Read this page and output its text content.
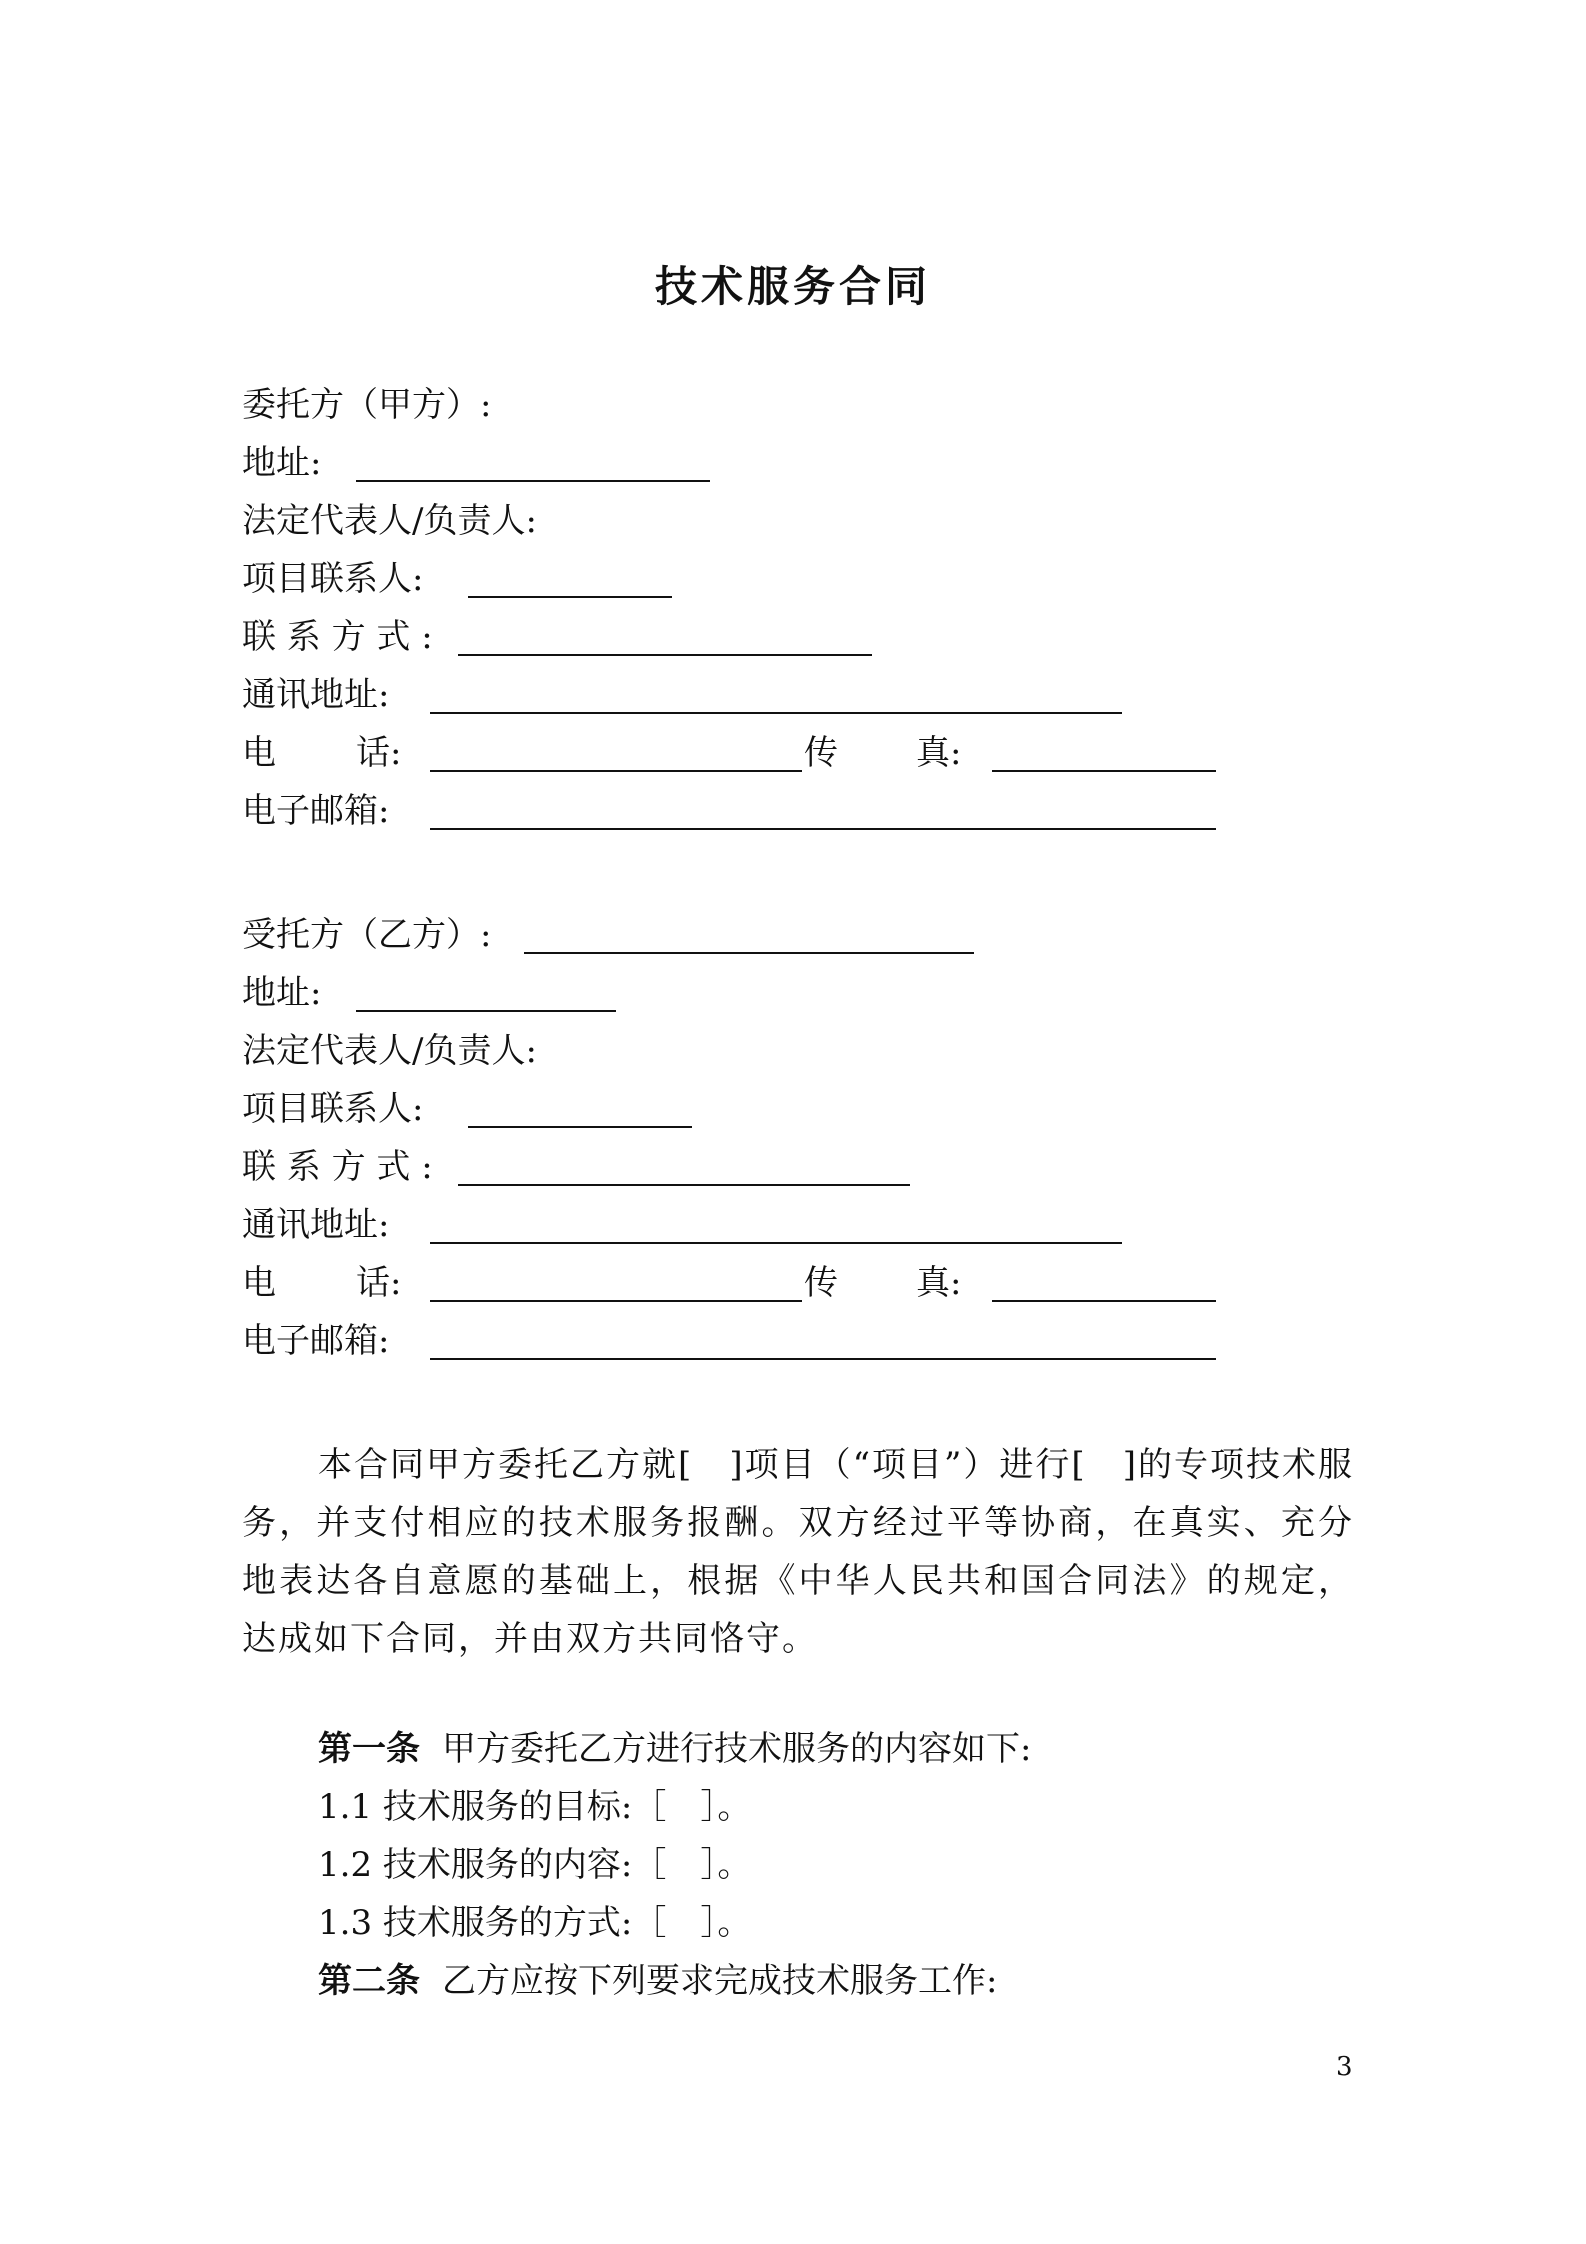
技术服务合同
委托方（甲方）:
地址:
法定代表人/负责人:
项目联系人:
联 系 方 式 :
通讯地址:
电 话:	传 真:
电子邮箱:
受托方（乙方）:
地址:
法定代表人/负责人:
项目联系人:
联 系 方 式 :
通讯地址:
电 话:	传 真:
电子邮箱:
本合同甲方委托乙方就[　]项目（“项目”）进行[　]的专项技术服务，并支付相应的技术服务报酬。双方经过平等协商，在真实、充分地表达各自意愿的基础上，根据《中华人民共和国合同法》的规定，达成如下合同，并由双方共同恪守。
第一条 甲方委托乙方进行技术服务的内容如下:
1.1 技术服务的目标:［　］。
1.2 技术服务的内容:［　］。
1.3 技术服务的方式:［　］。
第二条 乙方应按下列要求完成技术服务工作:
3
